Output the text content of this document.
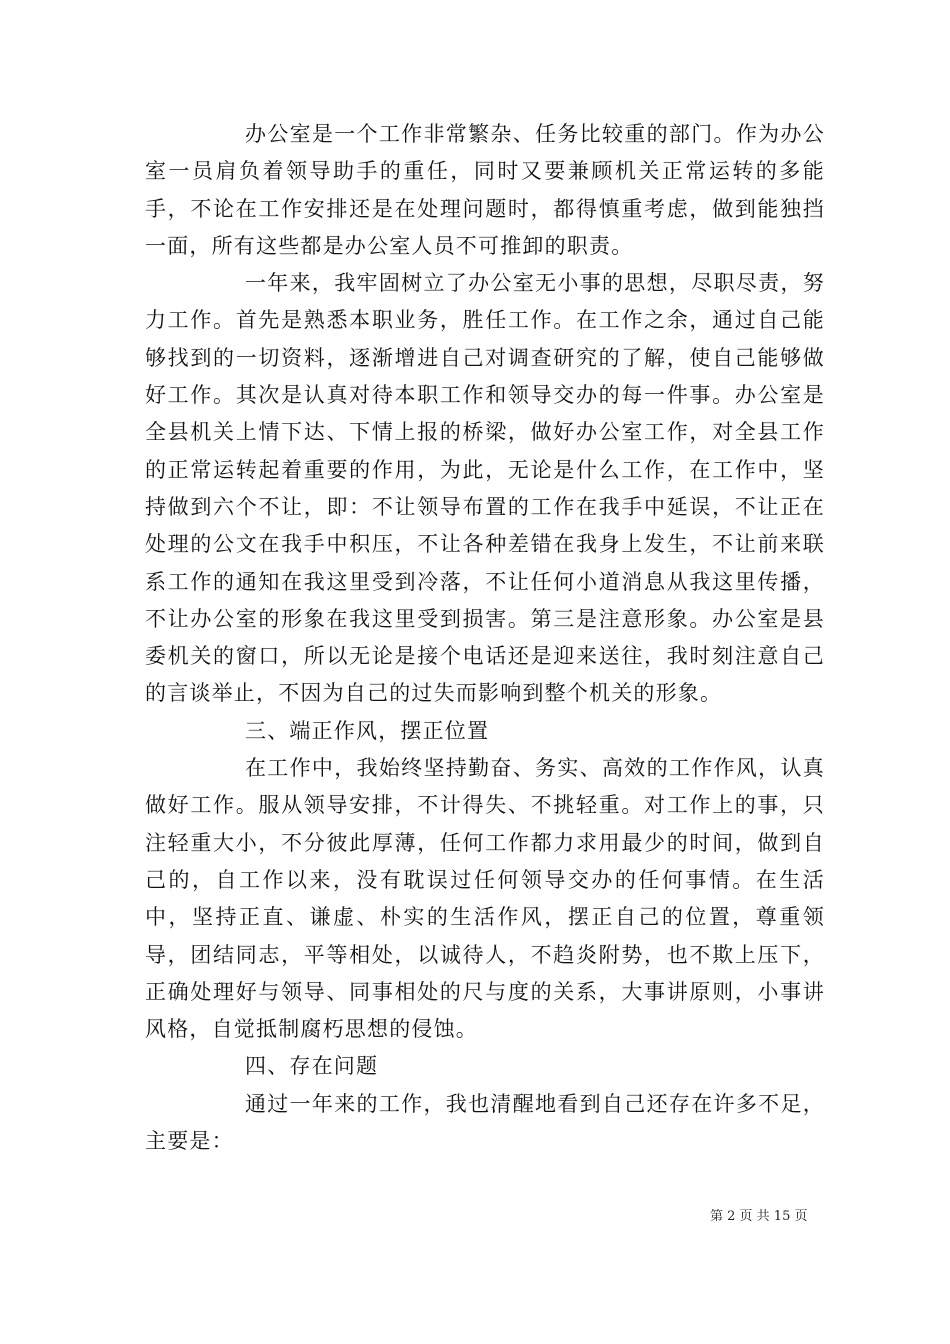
办公室是一个工作非常繁杂、任务比较重的部门。作为办公室一员肩负着领导助手的重任，同时又要兼顾机关正常运转的多能手，不论在工作安排还是在处理问题时，都得慎重考虑，做到能独挡一面，所有这些都是办公室人员不可推卸的职责。

一年来，我牢固树立了办公室无小事的思想，尽职尽责，努力工作。首先是熟悉本职业务，胜任工作。在工作之余，通过自己能够找到的一切资料，逐渐增进自己对调查研究的了解，使自己能够做好工作。其次是认真对待本职工作和领导交办的每一件事。办公室是全县机关上情下达、下情上报的桥梁，做好办公室工作，对全县工作的正常运转起着重要的作用，为此，无论是什么工作，在工作中，坚持做到六个不让，即：不让领导布置的工作在我手中延误，不让正在处理的公文在我手中积压，不让各种差错在我身上发生，不让前来联系工作的通知在我这里受到冷落，不让任何小道消息从我这里传播，不让办公室的形象在我这里受到损害。第三是注意形象。办公室是县委机关的窗口，所以无论是接个电话还是迎来送往，我时刻注意自己的言谈举止，不因为自己的过失而影响到整个机关的形象。

三、端正作风，摆正位置

在工作中，我始终坚持勤奋、务实、高效的工作作风，认真做好工作。服从领导安排，不计得失、不挑轻重。对工作上的事，只注轻重大小，不分彼此厚薄，任何工作都力求用最少的时间，做到自己的，自工作以来，没有耽误过任何领导交办的任何事情。在生活中，坚持正直、谦虚、朴实的生活作风，摆正自己的位置，尊重领导，团结同志，平等相处，以诚待人，不趋炎附势，也不欺上压下，正确处理好与领导、同事相处的尺与度的关系，大事讲原则，小事讲风格，自觉抵制腐朽思想的侵蚀。

四、存在问题

通过一年来的工作，我也清醒地看到自己还存在许多不足，主要是：

第 2 页 共 15 页
